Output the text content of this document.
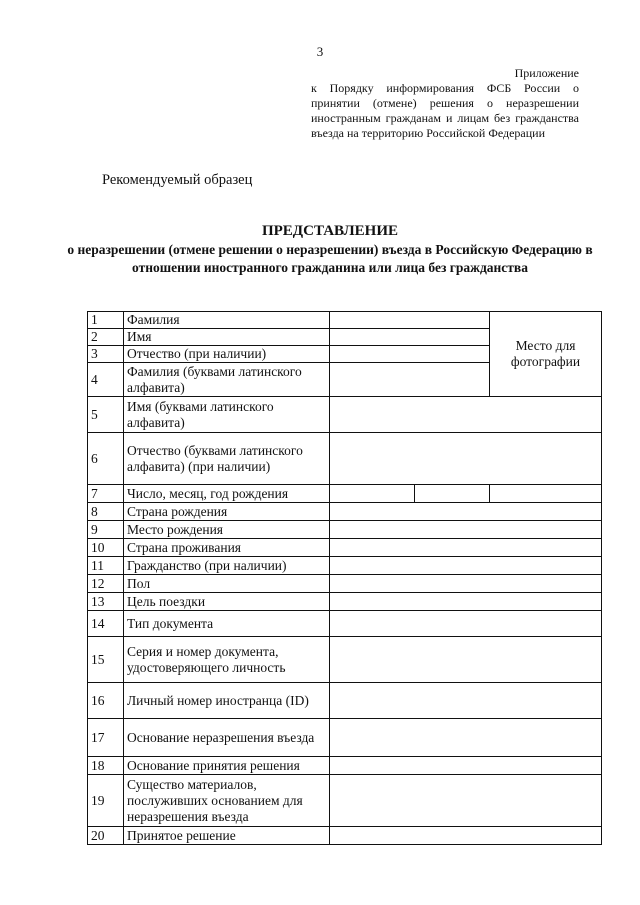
3
Приложение
к Порядку информирования ФСБ России о принятии (отмене) решения о неразрешении иностранным гражданам и лицам без гражданства въезда на территорию Российской Федерации
Рекомендуемый образец
ПРЕДСТАВЛЕНИЕ
о неразрешении (отмене решении о неразрешении) въезда в Российскую Федерацию в отношении иностранного гражданина или лица без гражданства
1	Фамилия			Место для фотографии
2	Имя			
3	Отчество (при наличии)			
4	Фамилия (буквами латинского алфавита)			
5	Имя (буквами латинского алфавита)			
6	Отчество (буквами латинского алфавита) (при наличии)			
7	Число, месяц, год рождения			
8	Страна рождения			
9	Место рождения			
10	Страна проживания			
11	Гражданство (при наличии)			
12	Пол			
13	Цель поездки			
14	Тип документа			
15	Серия и номер документа, удостоверяющего личность			
16	Личный номер иностранца (ID)			
17	Основание неразрешения въезда			
18	Основание принятия решения			
19	Существо материалов, послуживших основанием для неразрешения въезда			
20	Принятое решение			
